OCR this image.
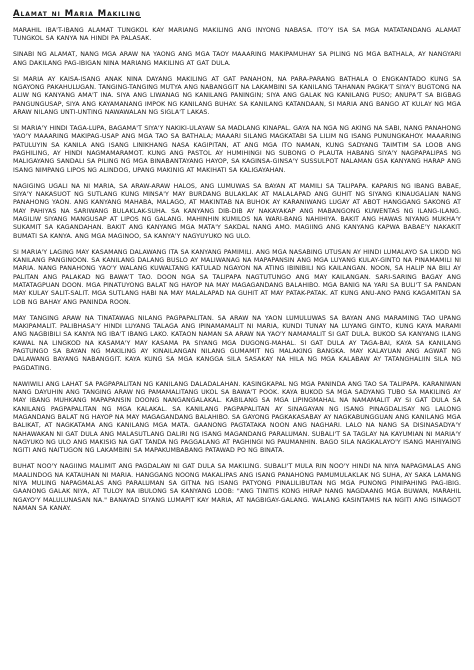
Alamat ni Maria Makiling

MARAHIL IBA'T-IBANG ALAMAT TUNGKOL KAY MARIANG MAKILING ANG INYONG NABASA. ITO'Y ISA SA MGA MATATANDANG ALAMAT TUNGKOL SA KANYA NA HINDI PA PALASAK.

SINABI NG ALAMAT, NANG MGA ARAW NA YAONG ANG MGA TAOY MAAARING MAKIPAMUHAY SA PILING NG MGA BATHALA, AY NANGYARI ANG DAKILANG PAG-IBIGAN NINA MARIANG MAKILING AT GAT DULA.

SI MARIA AY KAISA-ISANG ANAK NINA DAYANG MAKILING AT GAT PANAHON, NA PARA-PARANG BATHALA O ENGKANTADO KUNG SA NGAYONG PAKAHULUGAN. TANGING-TANGING MUTYA ANG NABANGGIT NA LAKAMBINI SA KANILANG TAHANAN PAGKA'T SIYA'Y BUGTONG NA ALIW NG KANYANG AMA'T INA. SIYA ANG LIWANAG NG KANILANG PANINGIN; SIYA ANG GALAK NG KANILANG PUSO; ANUPA'T SA BIGBAG PANGUNGUSAP, SIYA ANG KAYAMANANG IMPOK NG KANILANG BUHAY. SA KANILANG KATANDAAN, SI MARIA ANG BANGO AT KULAY NG MGA ARAW NILANG UNTI-UNTING NAWAWALAN NG SIGLA'T LAKAS.

SI MARIA'Y HINDI TAGA-LUPA, BAGAMA'T SIYA'Y NAKIKI-ULAYAW SA MADLANG KINAPAL. GAYA NA NGA NG AKING NA SABI, NANG PANAHONG YAO'Y MAAARING MAKIPAG-USAP ANG MGA TAO SA BATHALA; MAAARI SILANG MAGKATABI SA LILIM NG ISANG PUNUNGKAHOY. MAAARING PATULUYIN SA KANILA ANG ISANG LINIKHANG NASA KAGIPITAN, AT ANG MGA ITO NAMAN, KUNG SADYANG TAIMTIM SA LOOB ANG PAGHILING, AY HINDI NAGMAMARAMOT. KUNG ANG PASTOL AY HUMIHINGI NG SUBONG O PLAUTA HABANG SIYA'Y NAGPAPALIPAS NG MALIGAYANG SANDALI SA PILING NG MGA BINABANTAYANG HAYOP, SA KAGINSA-GINSA'Y SUSSULPOT NALAMAN GSA KANYANG HARAP ANG ISANG NIMPANG LIPOS NG ALINDOG, UPANG MAKINIG AT MAKIHATI SA KALIGAYAHAN.

NAGIGING UGALI NA NI MARIA, SA ARAW-ARAW HALOS, ANG LUMUWAS SA BAYAN AT MAMILI SA TALIPAPA. KAPARIS NG IBANG BABAE, SIYA'Y NAKASUOT NG SUTLANG KUNG MINSA'Y MAY BURDANG BULAKLAK AT MALALAPAD ANG GUHIT NG SIYANG KINAUGALIAN NANG PANAHONG YAON. ANG KANYANG MAHABA, MALAGO, AT MAKINTAB NA BUHOK AY KARANIWANG LUGAY AT ABOT HANGGANG SAKONG AT MAY PAHIYAS NA SARIWANG BULAKLAK-SUHA. SA KANYANG DIB-DIB AY NAKAYAKAP ANG MABANGONG KUWENTAS NG ILANG-ILANG. MAGILIW SIYANG MANGUSAP AT LIPOS NG GALANG. MAHINHIN KUMILOS NA WARI-BANG NAHIHIYA. BAKIT ANG HAWAS NIYANG MUKHA'Y SUKAMIT SA KAGANDAHAN. BAKIT ANG KANYANG MGA MATA'Y SAKDAL NANG AMO. MAGIING ANG KANYANG KAPWA BABAE'Y NAKAKIT BUMATI SA KANYA. ANG MGA MAGINOO, SA KANYA'Y NAGYUYUKO NG ULO.

SI MARIA'Y LAGING MAY KASAMANG DALAWANG ITA SA KANYANG PAMIMILI. ANG MGA NASABING UTUSAN AY HINDI LUMALAYO SA LIKOD NG KANILANG PANGINOON. SA KANILANG DALANG BUSLO AY MALIWANAG NA MAPAPANSIN ANG MGA LUYANG KULAY-GINTO NA PINAMAMILI NI MARIA. NANG PANAHONG YAO'Y WALANG KUWALTANG KATULAD NGAYON NA ATING IBINIBILI NG KAILANGAN. NOON, SA HALIP NA BILI AY PALITAN ANG PALAKAD NG BAWA'T TAO. DOON NGA SA TALIPAPA NAGTUTUNGO ANG MAY KAILANGAN. SARI-SARING BAGAY ANG MATATAGPUAN DOON. MGA PINATUYONG BALAT NG HAYOP NA MAY MAGAGANDANG BALAHIBO. MGA BANIG NA YARI SA BULI'T SA PANDAN MAY KULAY SALIT-SALIT. MGA SUTLANG HABI NA MAY MALALAPAD NA GUHIT AT MAY PATAK-PATAK. AT KUNG ANU-ANO PANG KAGAMITAN SA LOB NG BAHAY ANG PANINDA ROON.

MAY TANGING ARAW NA TINATAWAG NILANG PAGPAPALITAN. SA ARAW NA YAON LUMULUWAS SA BAYAN ANG MARAMING TAO UPANG MAKIPAMALIT. PALIBHASA'Y HINDI LUYANG TALAGA ANG IPINAMAMALIT NI MARIA, KUNDI TUNAY NA LUYANG GINTO, KUNG KAYA MARAMI ANG NAGBIBILI SA KANYA NG IBA'T IBANG LAKO. KATAON NAMAN SA ARAW NA YAO'Y NAMAMALIT SI GAT DULA. BUKOD SA KANYANG ILANG KAWAL NA LINGKOD NA KASAMA'Y MAY KASAMA PA SIYANG MGA DUGONG-MAHAL. SI GAT DULA AY TAGA-BAI, KAYA SA KANILANG PAGTUNGO SA BAYAN NG MAKILING AY KINAILANGAN NILANG GUMAMIT NG MALAKING BANGKA. MAY KALAYUAN ANG AGWAT NG DALAWANG BAYANG NABANGGIT. KAYA KUNG SA MGA KANGGA SILA SASAKAY NA HILA NG MGA KALABAW AY TATANGHALIIN SILA NG PAGDATING.

NAWIWILI ANG LAHAT SA PAGPAPALITAN NG KANILANG DALADALAHAN. KASINGKAPAL NG MGA PANINDA ANG TAO SA TALIPAPA. KARANIWAN NANG DAYUHIN ANG TANGING ARAW NG PAMAMALITANG UKOL SA BAWA'T POOK. KAYA BUKOD SA MGA SADYANG TUBO SA MAKILING AY MAY IBANG MUHKANG MAPAPANSIN DOONG NANGANGALAKAL. KABILANG SA MGA LIPINGMAHAL NA NAMAMALIT AY SI GAT DULA SA KANILANG PAGPAPALITAN NG MGA KALAKAL. SA KANILANG PAGPAPALITAN AY SINAGAYAN NG ISANG PINAGDALISAY NG LALONG MAGANDANG BALAT NG HAYOP NA MAY MAGAGANDANG BALAHIBO. SA GAYONG PAGKAKASABAY AY NAGKABUNGGUAN ANG KANILANG MGA BALIKAT, AT NAGKATAMA ANG KANILANG MGA MATA. GAANONG PAGTATAKA NOON ANG NAGHARI. LALO NA NANG SA DISINASADYA'Y NAHAWAKAN NI GAT DULA ANG MALASUTLANG DALIRI NG ISANG MAGANDANG PARALUMAN. SUBALI'T SA TAGLAY NA KAYUMIAN NI MARIA'Y NAGYUKO NG ULO ANG MAKISIG NA GAT TANDA NG PAGGALANG AT PAGHINGI NG PAUMANHIN. BAGO SILA NAGKALAYO'Y ISANG MAHIYAING NGITI ANG NAITUGON NG LAKAMBINI SA MAPAKUMBABANG PATAWAD PO NG BINATA.

BUHAT NOO'Y NAGIING MALIMIT ANG PAGDALAW NI GAT DULA SA MAKILING. SUBALI'T MULA RIN NOO'Y HINDI NA NIYA NAPAGMALAS ANG MAALINDOG NA KATAUHAN NI MARIA. HANGGANG NOONG MAKALIPAS ANG ISANG PANAHONG PAMUMULAKLAK NG SUHA, AY SAKA LAMANG NIYA MULING NAPAGMALAS ANG PARALUMAN SA GITNA NG ISANG PATYONG PINALILIBUTAN NG MGA PUNONG PINIPAHING PAG-IBIG. GAANONG GALAK NIYA, AT TULOY NA IBULONG SA KANYANG LOOB: "ANG TINITIS KONG HIRAP NANG NAGDAANG MGA BUWAN, MARAHIL NGAYO'Y MALULUNASAN NA." BANAYAD SIYANG LUMAPIT KAY MARIA, AT NAGBIGAY-GALANG. WALANG KASINTAMIS NA NGITI ANG ISINAGOT NAMAN SA KANAY.
